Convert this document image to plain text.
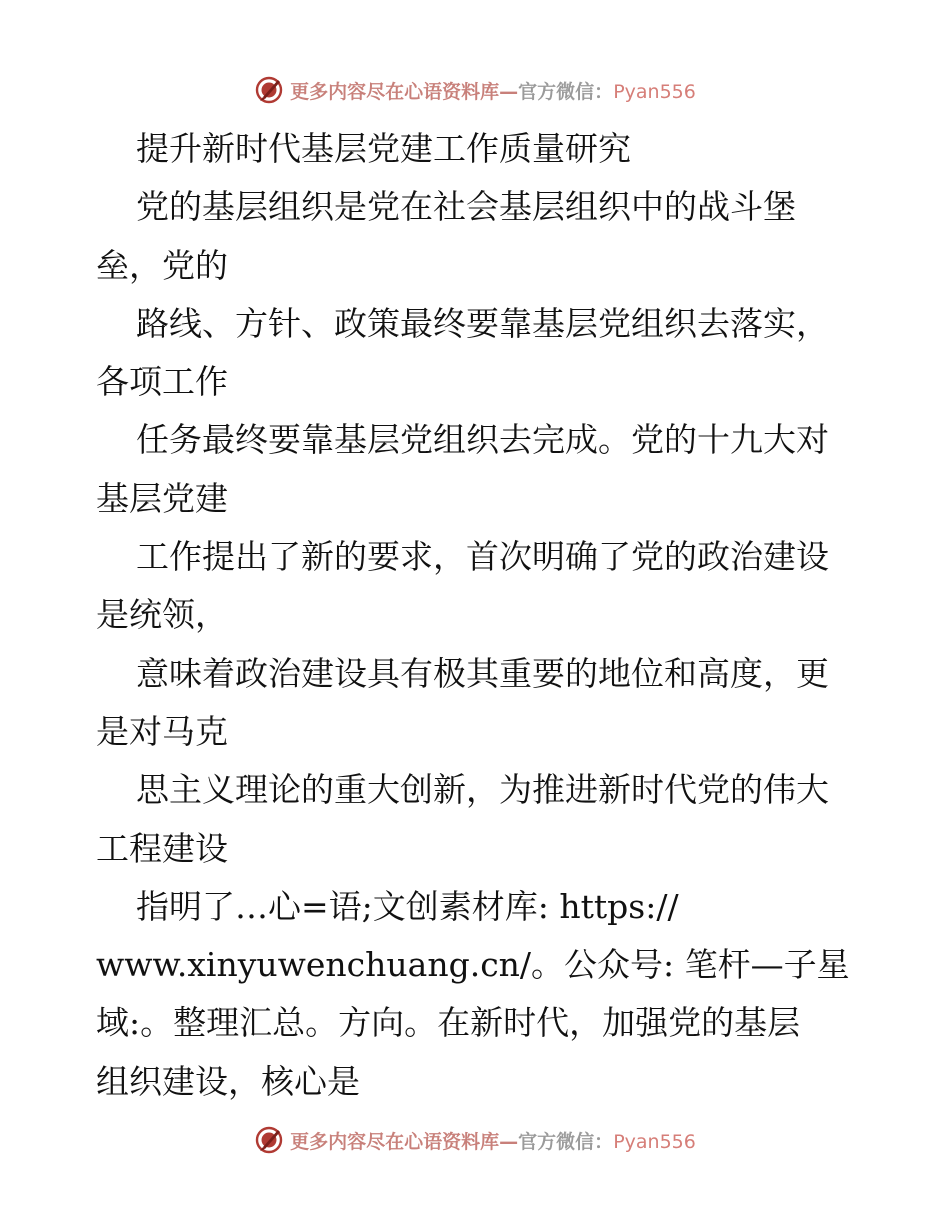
更多内容尽在心语资料库—官方微信：Pyan556
提升新时代基层党建工作质量研究
党的基层组织是党在社会基层组织中的战斗堡
垒，党的
路线、方针、政策最终要靠基层党组织去落实，
各项工作
任务最终要靠基层党组织去完成。党的十九大对
基层党建
工作提出了新的要求，首次明确了党的政治建设
是统领，
意味着政治建设具有极其重要的地位和高度，更
是对马克
思主义理论的重大创新，为推进新时代党的伟大
工程建设
指明了…心=语;文创素材库: https://
www.xinyuwenchuang.cn/。公众号: 笔杆—子星
域:。整理汇总。方向。在新时代，加强党的基层
组织建设，核心是
更多内容尽在心语资料库—官方微信：Pyan556
